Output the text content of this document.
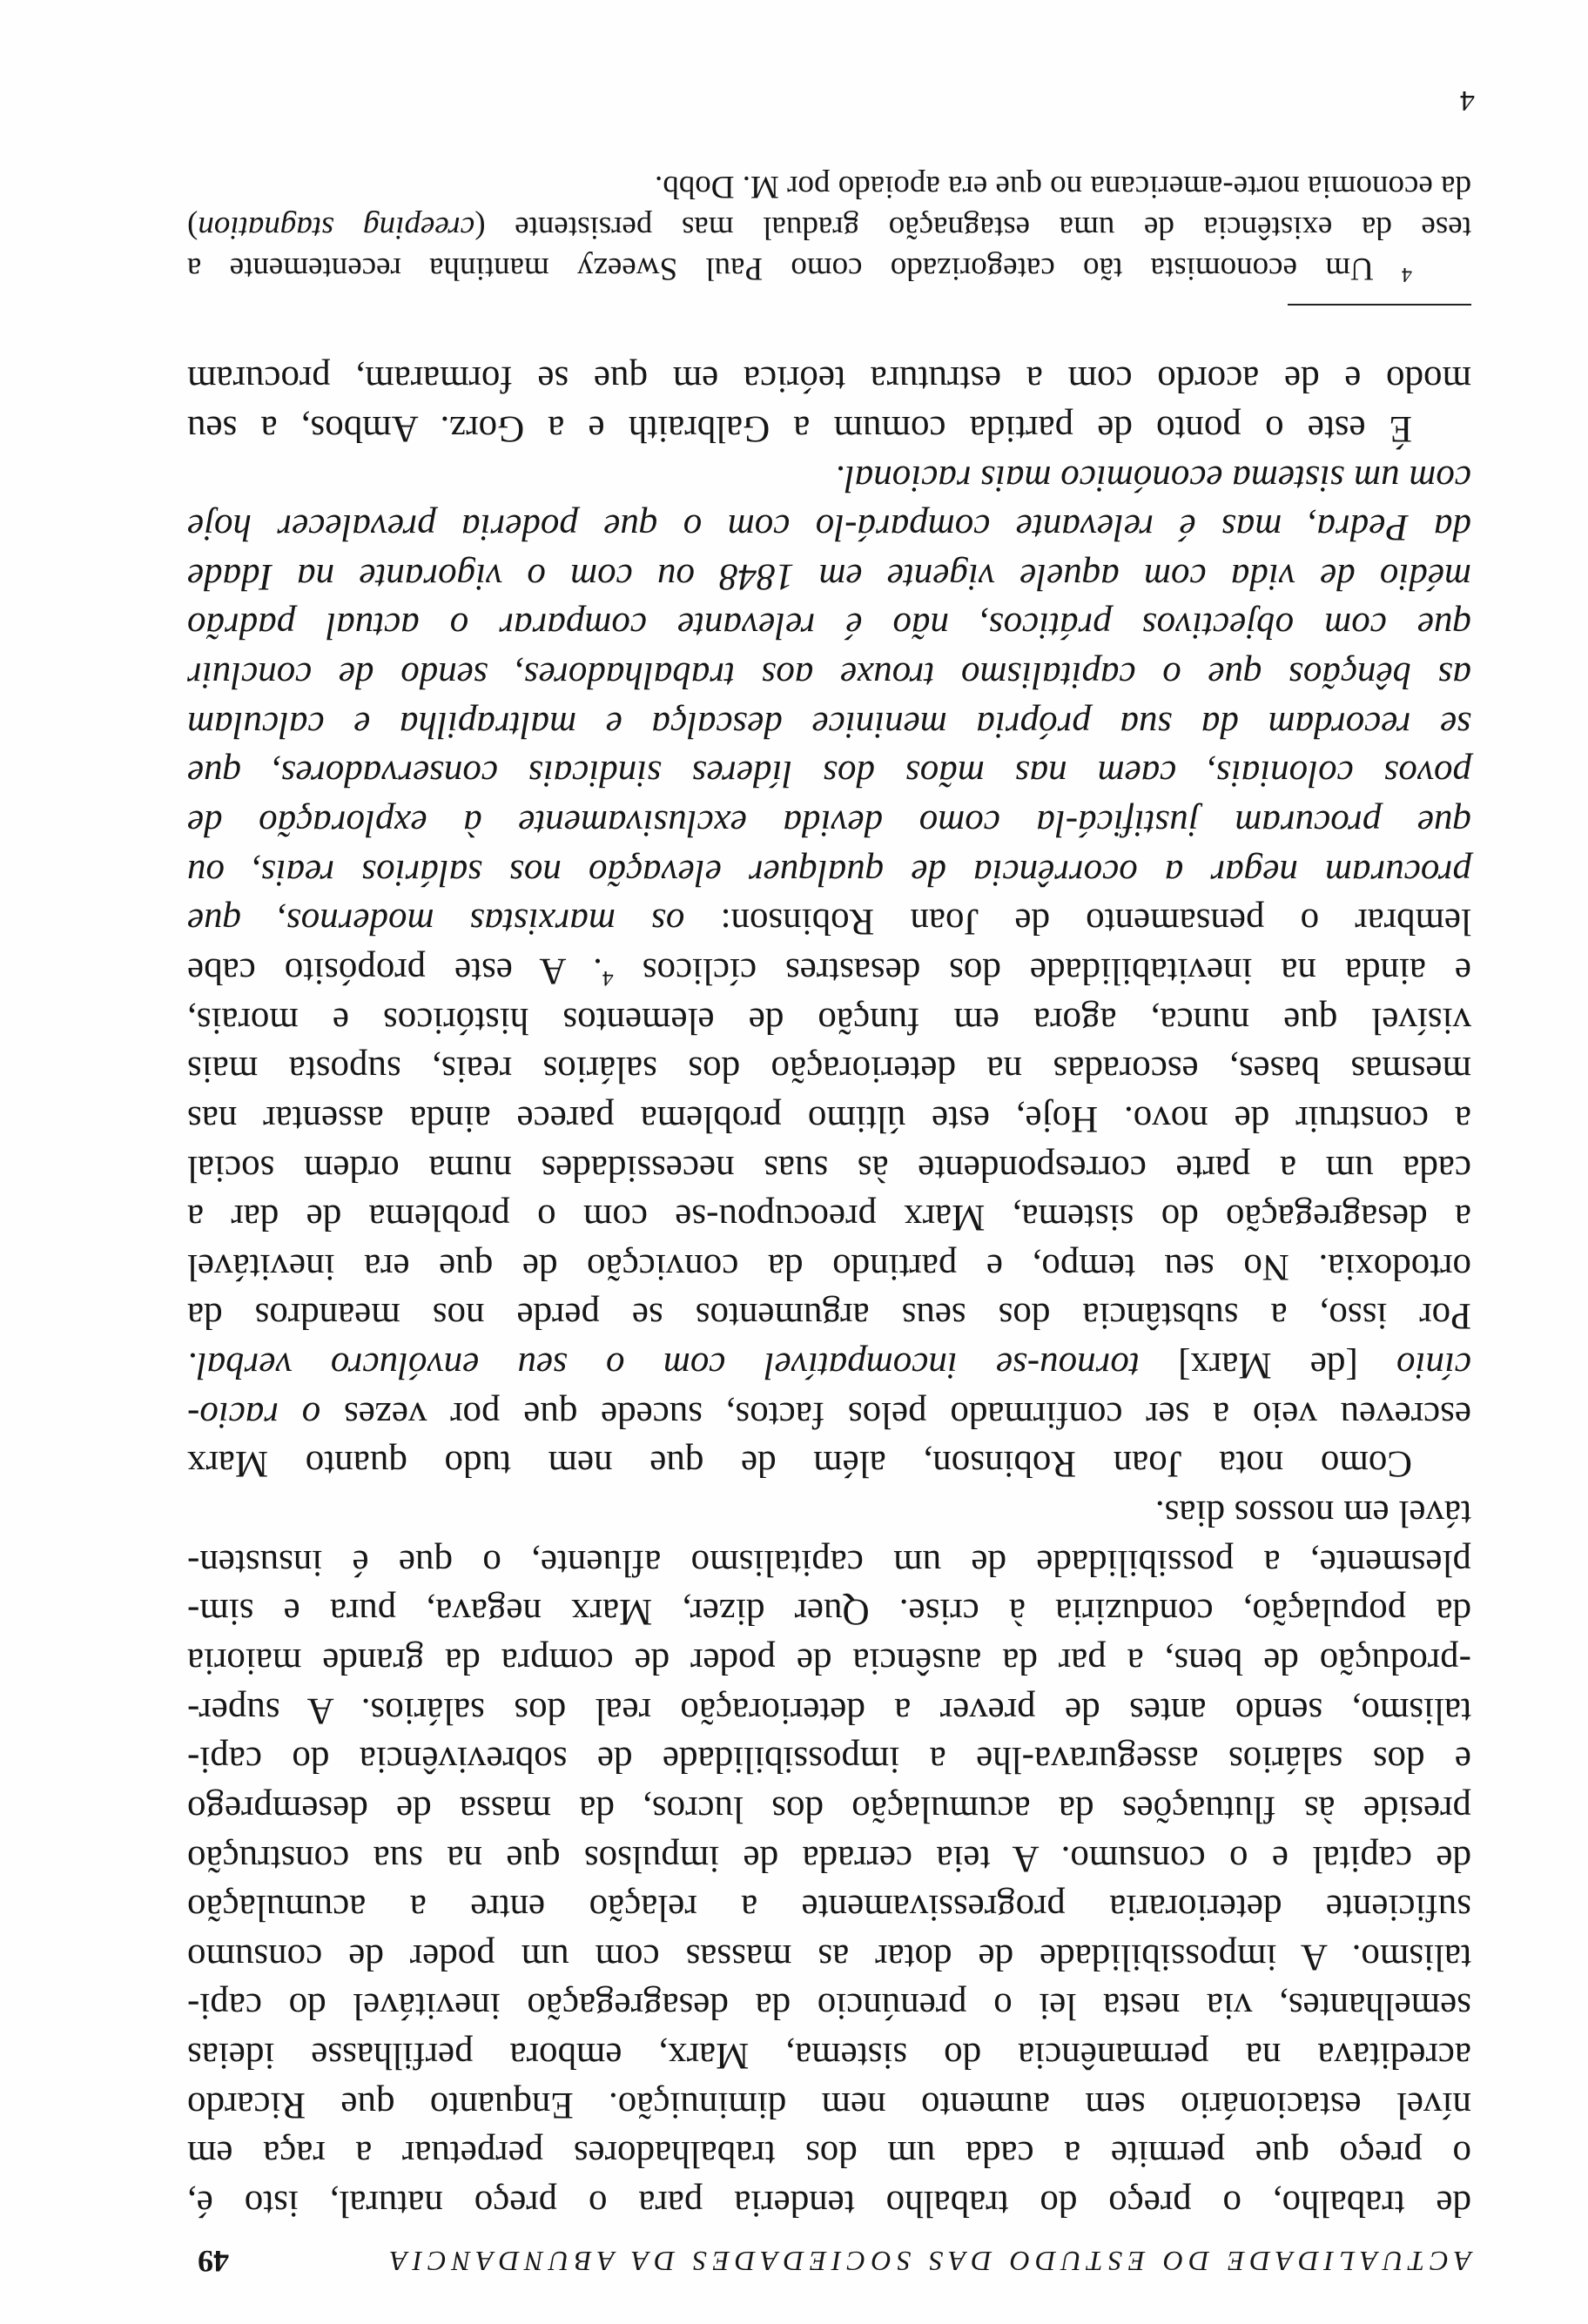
ACTUALIDADE DO ESTUDO DAS SOCIEDADES DA ABUNDANCIA
49
de trabalho, o preço do trabalho tenderia para o preço natural, isto é,
o preço que permite a cada um dos trabalhadores perpetuar a raça em
nível estacionário sem aumento nem diminuição. Enquanto que Ricardo
acreditava na permanência do sistema, Marx, embora perfilhasse ideias
semelhantes, via nesta lei o prenúncio da desagregação inevitável do capi-
talismo. A impossibilidade de dotar as massas com um poder de consumo
suficiente deterioraria progressivamente a relação entre a acumulação
de capital e o consumo. A teia cerrada de impulsos que na sua construção
preside às flutuações da acumulação dos lucros, da massa de desemprego
e dos salários assegurava-lhe a impossibilidade de sobrevivência do capi-
talismo, sendo antes de prever a deterioração real dos salários. A super-
-produção de bens, a par da ausência de poder de compra da grande maioria
da população, conduziria à crise. Quer dizer, Marx negava, pura e sim-
plesmente, a possibilidade de um capitalismo afluente, o que é insusten-
tável em nossos dias.
Como nota Joan Robinson, além de que nem tudo quanto Marx
escreveu veio a ser confirmado pelos factos, sucede que por vezes o racio-
cínio [de Marx] tornou-se incompatível com o seu envólucro verbal.
Por isso, a substância dos seus argumentos se perde nos meandros da
ortodoxia. No seu tempo, e partindo da convicção de que era inevitável
a desagregação do sistema, Marx preocupou-se com o problema de dar a
cada um a parte correspondente às suas necessidades numa ordem social
a construir de novo. Hoje, este último problema parece ainda assentar nas
mesmas bases, escoradas na deterioração dos salários reais, suposta mais
visível que nunca, agora em função de elementos históricos e morais,
e ainda na inevitabilidade dos desastres cíclicos $^4$. A este propósito cabe
lembrar o pensamento de Joan Robinson: os marxistas modernos, que
procuram negar a ocorrência de qualquer elevação nos salários reais, ou
que procuram justificá-la como devida exclusivamente à exploração de
povos coloniais, caem nas mãos dos líderes sindicais conservadores, que
se recordam da sua própria meninice descalça e maltrapilha e calculam
as bênçãos que o capitalismo trouxe aos trabalhadores, sendo de concluir
que com objectivos práticos, não é relevante comparar o actual padrão
médio de vida com aquele vigente em 1848 ou com o vigorante na Idade
da Pedra, mas é relevante compará-lo com o que poderia prevalecer hoje
com um sistema económico mais racional.
É este o ponto de partida comum a Galbraith e a Gorz. Ambos, a seu
modo e de acordo com a estrutura teórica em que se formaram, procuram
$^4$ Um economista tão categorizado como Paul Sweezy mantinha recentemente a
tese da existência de uma estagnação gradual mas persistente (creeping stagnation)
da economia norte-americana no que era apoiado por M. Dobb.
4
